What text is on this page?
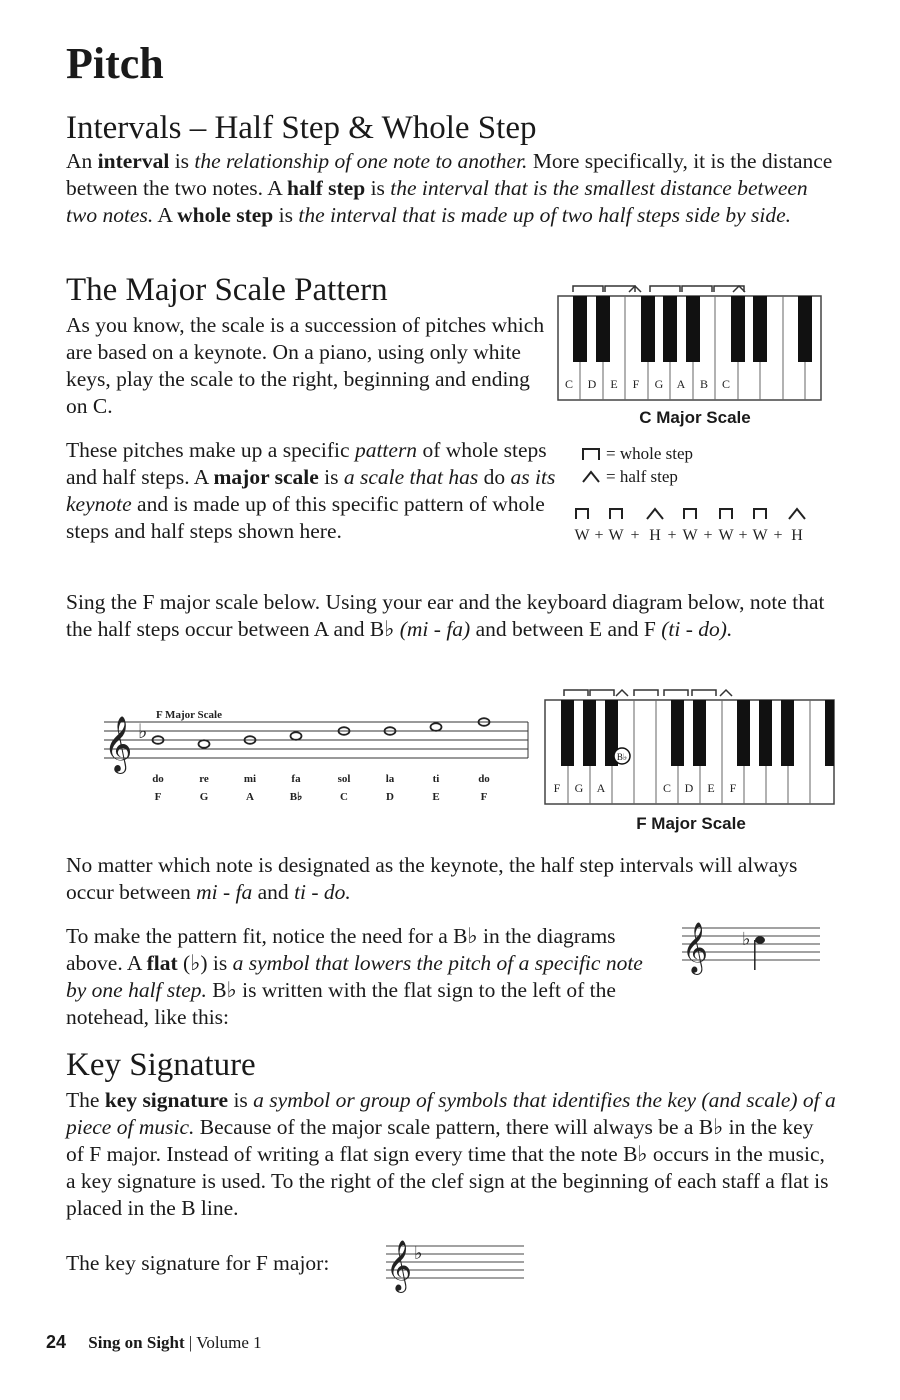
Pitch
Intervals – Half Step & Whole Step

An interval is the relationship of one note to another. More specifically, it is the distance between the two notes. A half step is the interval that is the smallest distance between two notes. A whole step is the interval that is made up of two half steps side by side.

The Major Scale Pattern

As you know, the scale is a succession of pitches which are based on a keynote. On a piano, using only white keys, play the scale to the right, beginning and ending on C.

These pitches make up a specific pattern of whole steps and half steps. A major scale is a scale that has do as its keynote and is made up of this specific pattern of whole steps and half steps shown here.

C D E F G A B C
C Major Scale
= whole step
= half step
W + W + H + W + W + W + H

Sing the F major scale below. Using your ear and the keyboard diagram below, note that the half steps occur between A and B♭ (mi - fa) and between E and F (ti - do).

F Major Scale
𝄞 ♭
do	re	mi	fa	sol	la	ti	do
F	G	A	B♭	C	D	E	F
B♭
F G A	C D E F
F Major Scale

No matter which note is designated as the keynote, the half step intervals will always occur between mi - fa and ti - do.

To make the pattern fit, notice the need for a B♭ in the diagrams above. A flat (♭) is a symbol that lowers the pitch of a specific note by one half step. B♭ is written with the flat sign to the left of the notehead, like this:

𝄞 ♭
Key Signature

The key signature is a symbol or group of symbols that identifies the key (and scale) of a piece of music. Because of the major scale pattern, there will always be a B♭ in the key of F major. Instead of writing a flat sign every time that the note B♭ occurs in the music, a key signature is used. To the right of the clef sign at the beginning of each staff a flat is placed in the B line.

The key signature for F major: 𝄞 ♭
24 Sing on Sight | Volume 1
